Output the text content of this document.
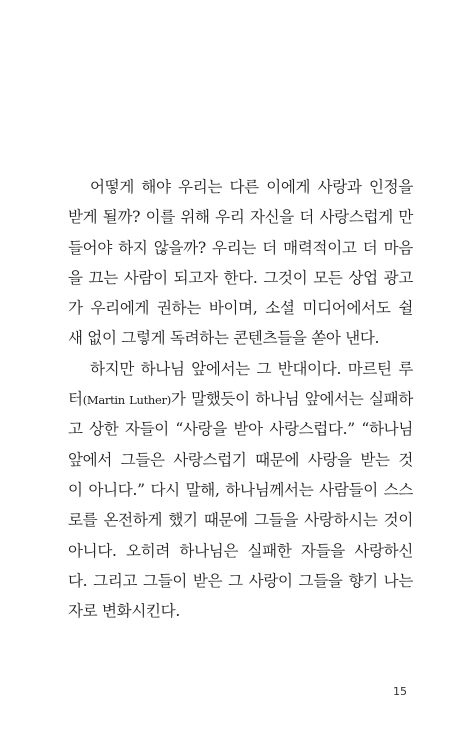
어떻게 해야 우리는 다른 이에게 사랑과 인정을
받게 될까? 이를 위해 우리 자신을 더 사랑스럽게 만
들어야 하지 않을까? 우리는 더 매력적이고 더 마음
을 끄는 사람이 되고자 한다. 그것이 모든 상업 광고
가 우리에게 권하는 바이며, 소셜 미디어에서도 쉴
새 없이 그렇게 독려하는 콘텐츠들을 쏟아 낸다.
하지만 하나님 앞에서는 그 반대이다. 마르틴 루
터(Martin Luther)가 말했듯이 하나님 앞에서는 실패하
고 상한 자들이 “사랑을 받아 사랑스럽다.” “하나님
앞에서 그들은 사랑스럽기 때문에 사랑을 받는 것
이 아니다.” 다시 말해, 하나님께서는 사람들이 스스
로를 온전하게 했기 때문에 그들을 사랑하시는 것이
아니다. 오히려 하나님은 실패한 자들을 사랑하신
다. 그리고 그들이 받은 그 사랑이 그들을 향기 나는
자로 변화시킨다.
15
